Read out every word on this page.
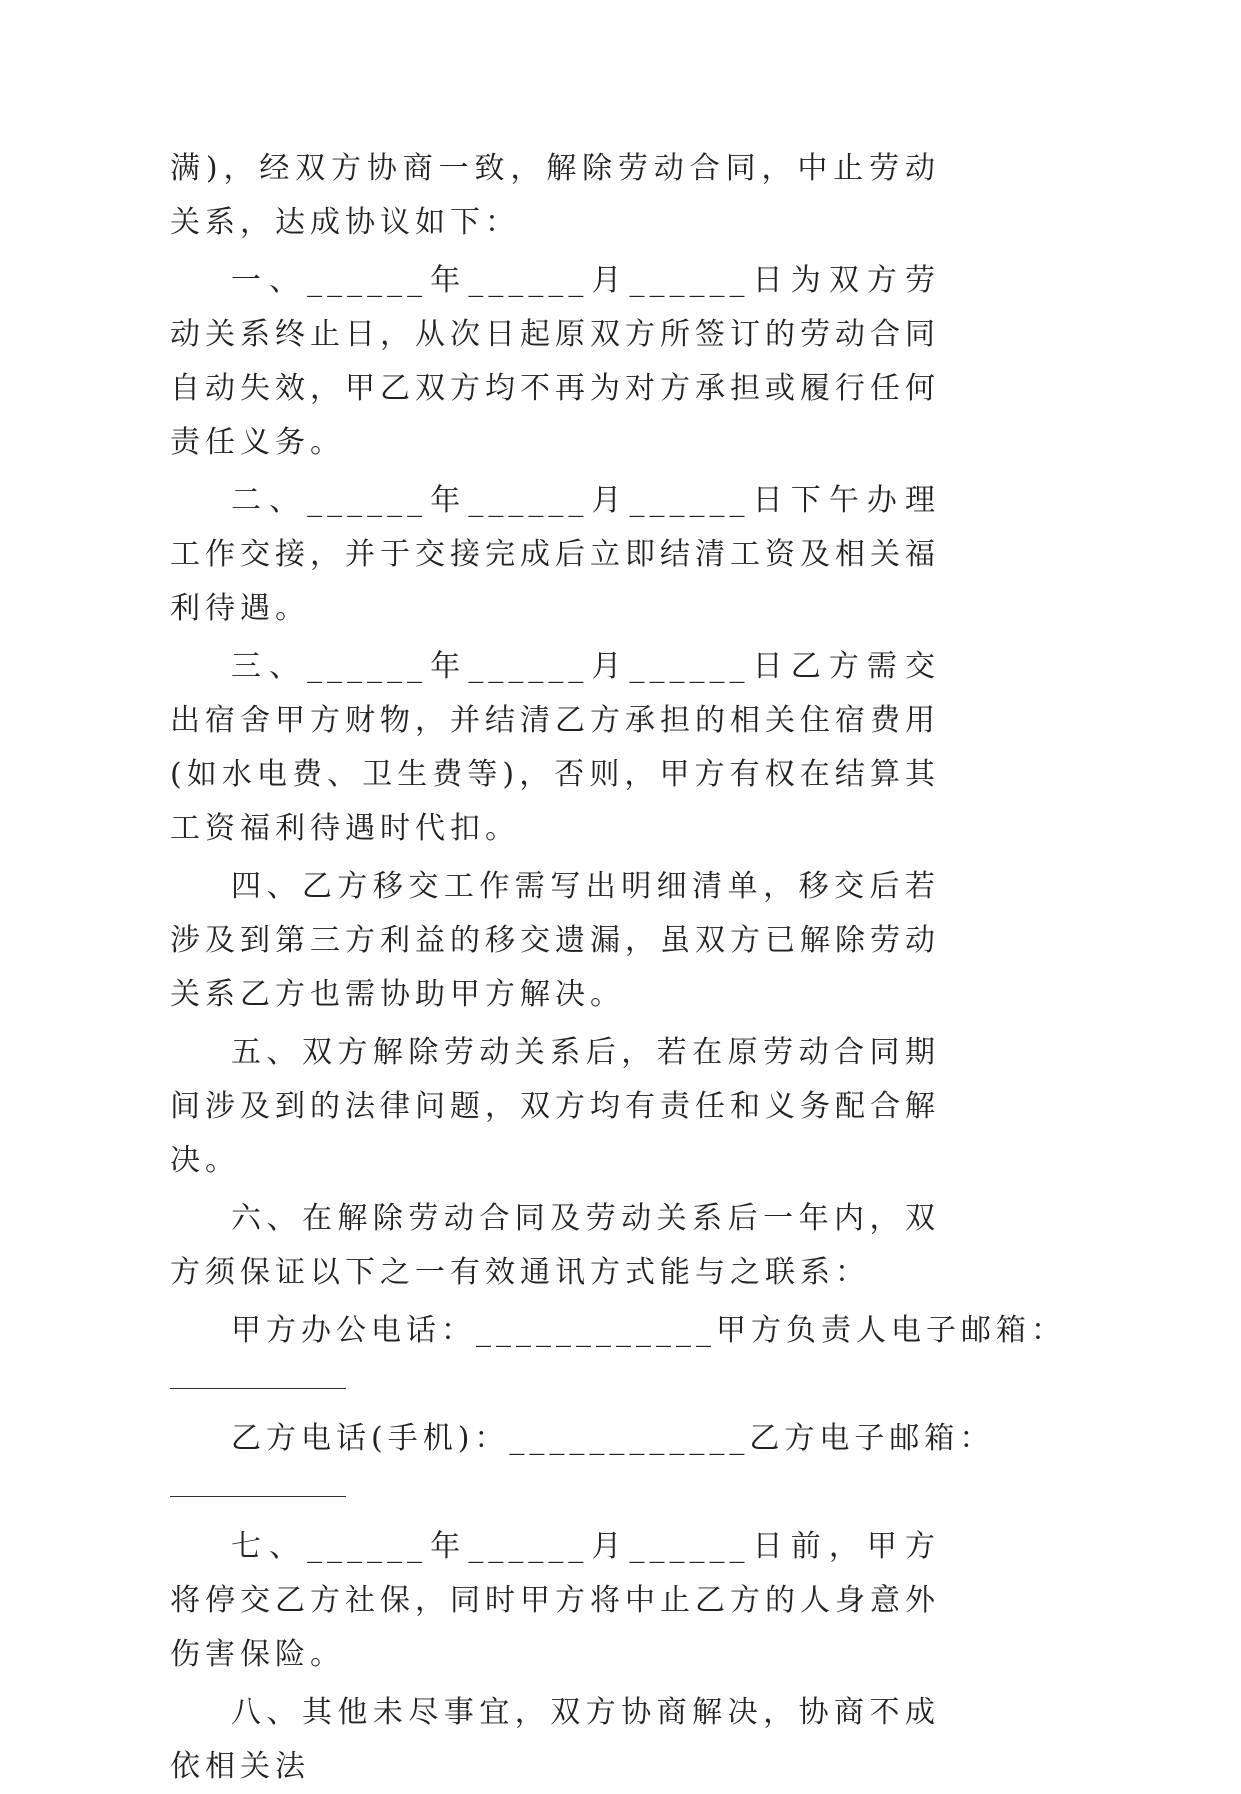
满)，经双方协商一致，解除劳动合同，中止劳动关系，达成协议如下：

一、______年______月______日为双方劳动关系终止日，从次日起原双方所签订的劳动合同自动失效，甲乙双方均不再为对方承担或履行任何责任义务。

二、______年______月______日下午办理工作交接，并于交接完成后立即结清工资及相关福利待遇。

三、______年______月______日乙方需交出宿舍甲方财物，并结清乙方承担的相关住宿费用(如水电费、卫生费等)，否则，甲方有权在结算其工资福利待遇时代扣。

四、乙方移交工作需写出明细清单，移交后若涉及到第三方利益的移交遗漏，虽双方已解除劳动关系乙方也需协助甲方解决。

五、双方解除劳动关系后，若在原劳动合同期间涉及到的法律问题，双方均有责任和义务配合解决。

六、在解除劳动合同及劳动关系后一年内，双方须保证以下之一有效通讯方式能与之联系：

甲方办公电话：____________甲方负责人电子邮箱：

乙方电话(手机)：____________乙方电子邮箱：

七、______年______月______日前，甲方将停交乙方社保，同时甲方将中止乙方的人身意外伤害保险。

八、其他未尽事宜，双方协商解决，协商不成依相关法
